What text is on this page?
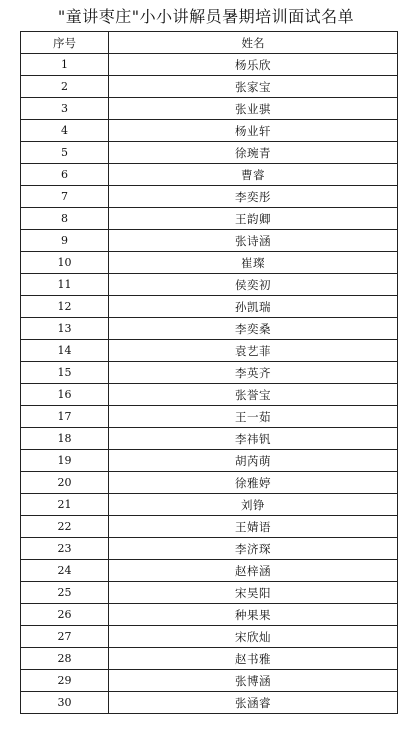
"童讲枣庄"小小讲解员暑期培训面试名单
序号	姓名
1	杨乐欣
2	张家宝
3	张业骐
4	杨业轩
5	徐琬青
6	曹睿
7	李奕彤
8	王韵卿
9	张诗涵
10	崔璨
11	侯奕初
12	孙凯瑞
13	李奕桑
14	袁艺菲
15	李英齐
16	张誉宝
17	王一茹
18	李祎钒
19	胡芮萌
20	徐雅婷
21	刘铮
22	王婧语
23	李济琛
24	赵梓涵
25	宋昊阳
26	种果果
27	宋欣灿
28	赵书雅
29	张博涵
30	张涵睿
